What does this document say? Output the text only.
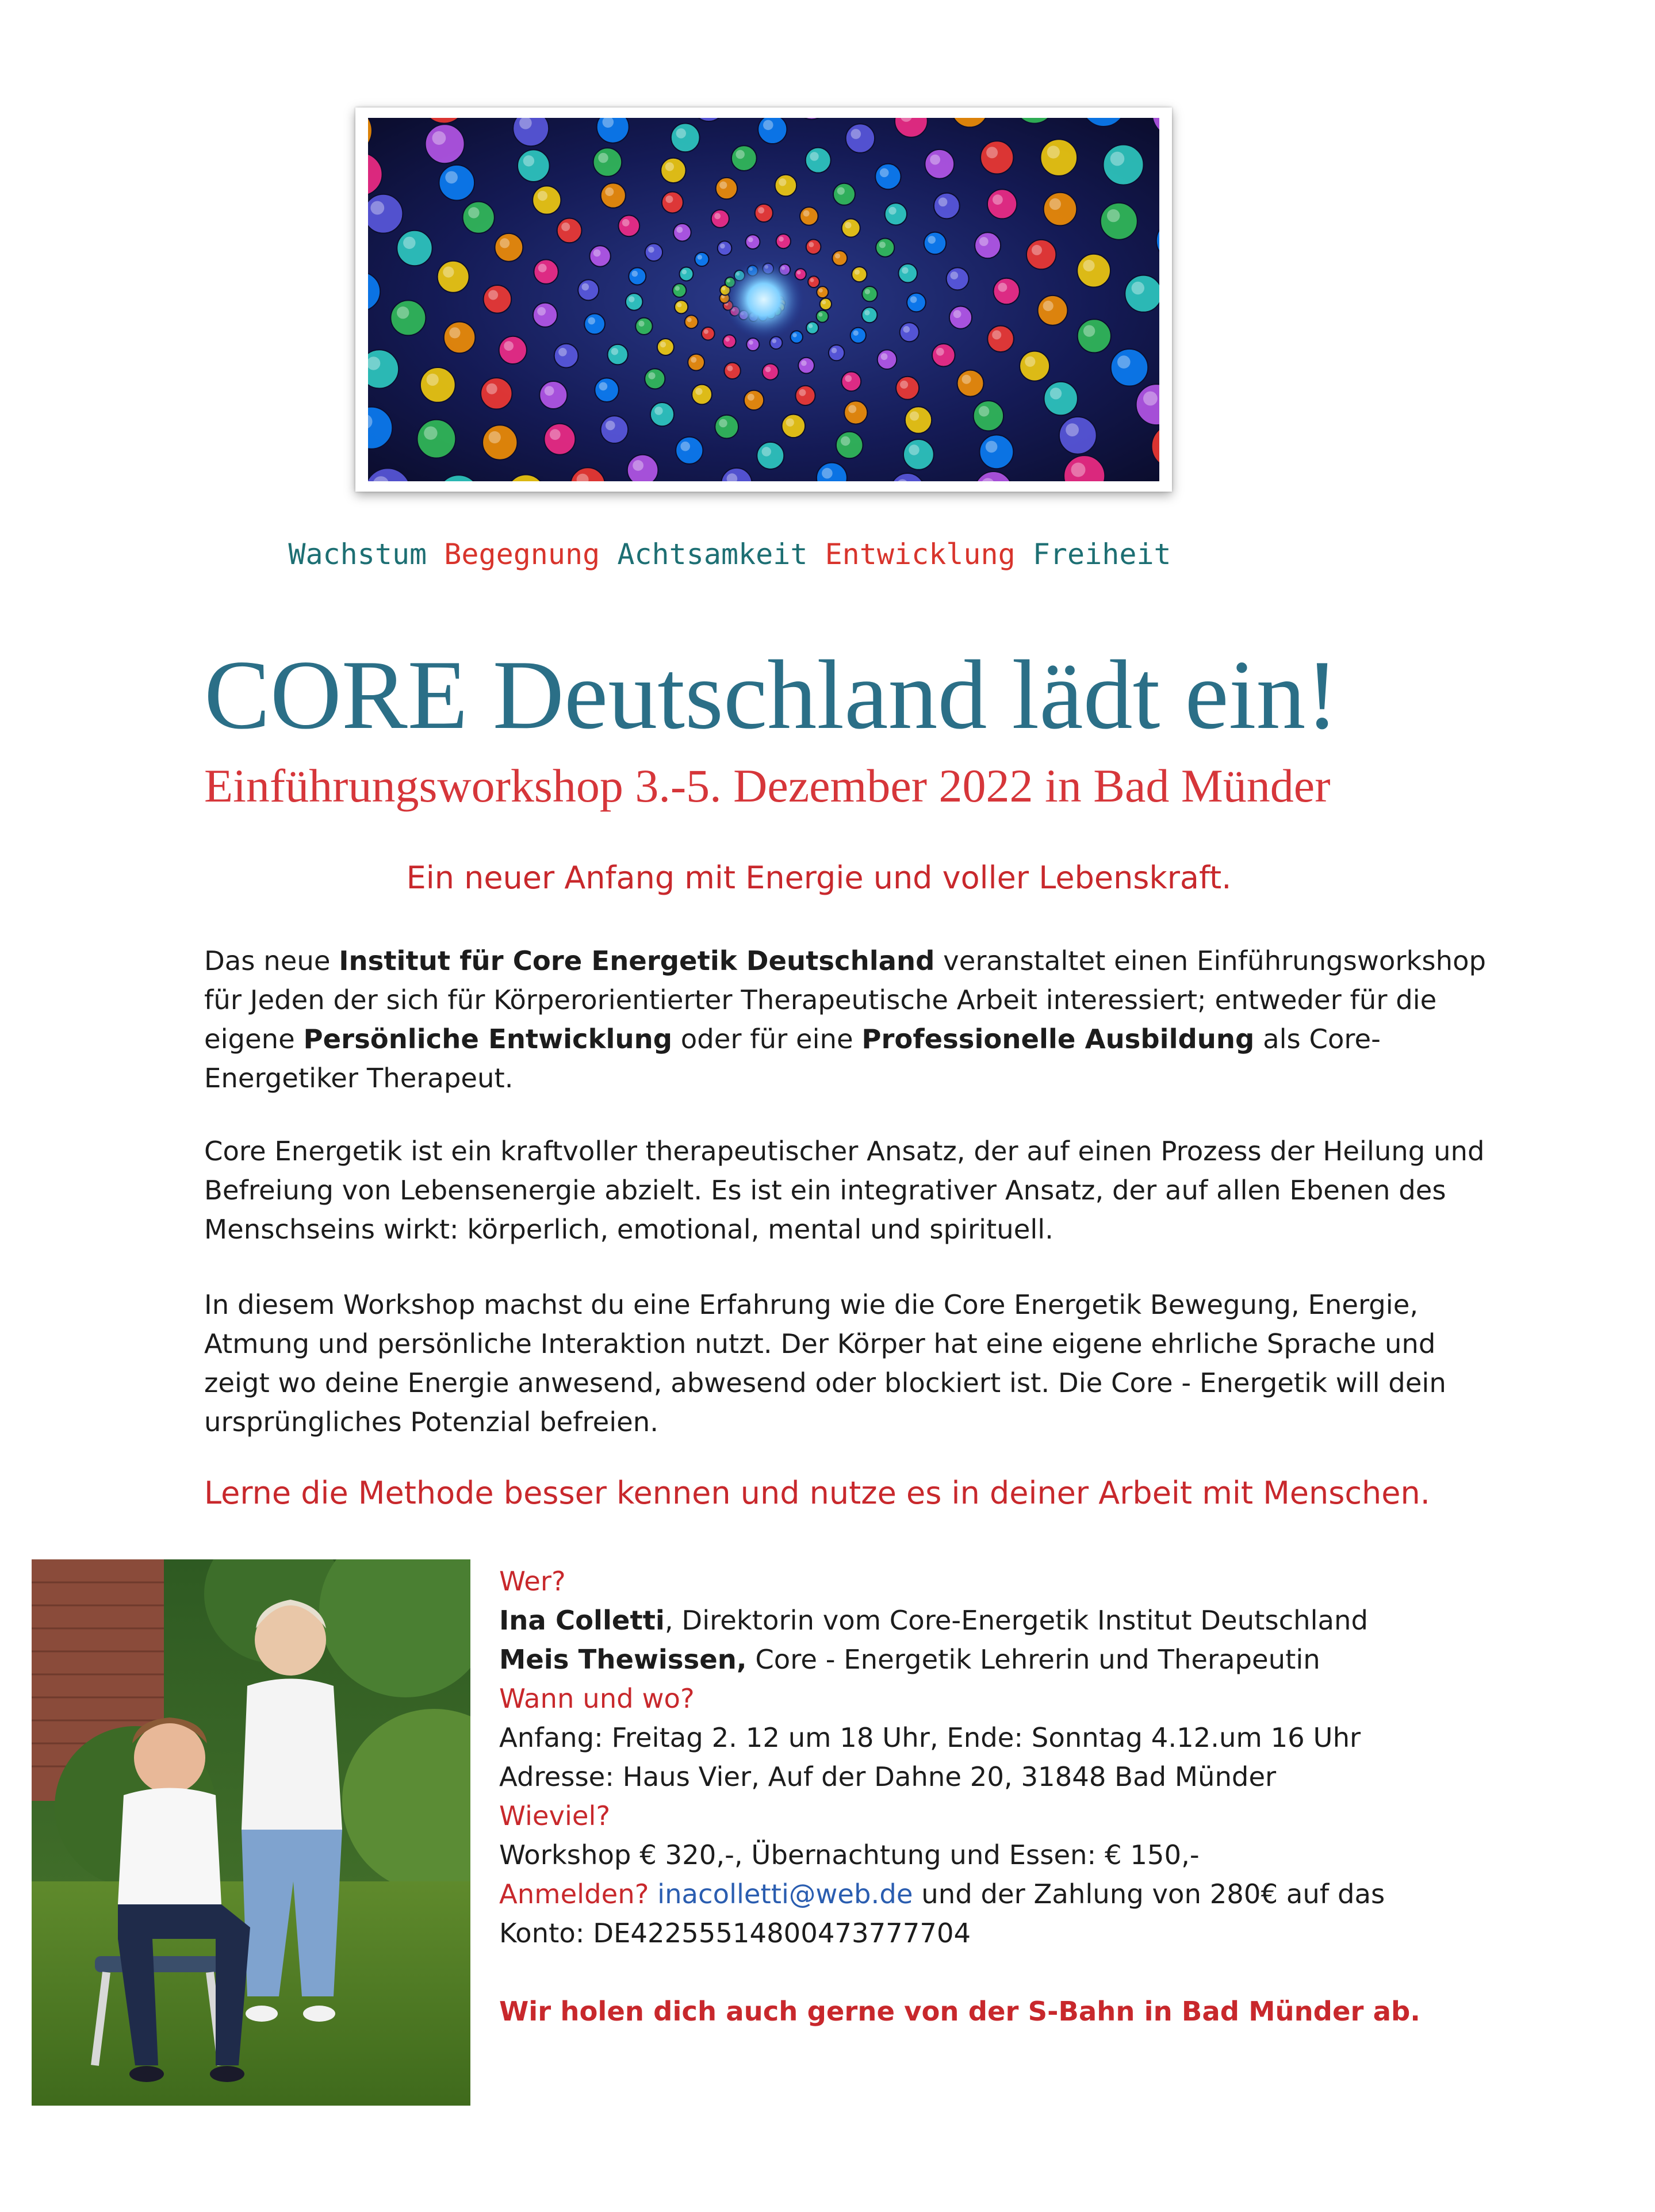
Wachstum Begegnung Achtsamkeit Entwicklung Freiheit
CORE Deutschland lädt ein!
Einführungsworkshop 3.-5. Dezember 2022 in Bad Münder
Ein neuer Anfang mit Energie und voller Lebenskraft.
Das neue Institut für Core Energetik Deutschland veranstaltet einen Einführungsworkshop für Jeden der sich für Körperorientierter Therapeutische Arbeit interessiert; entweder für die eigene Persönliche Entwicklung oder für eine Professionelle Ausbildung als Core-Energetiker Therapeut.
Core Energetik ist ein kraftvoller therapeutischer Ansatz, der auf einen Prozess der Heilung und Befreiung von Lebensenergie abzielt. Es ist ein integrativer Ansatz, der auf allen Ebenen des Menschseins wirkt: körperlich, emotional, mental und spirituell.
In diesem Workshop machst du eine Erfahrung wie die Core Energetik Bewegung, Energie, Atmung und persönliche Interaktion nutzt. Der Körper hat eine eigene ehrliche Sprache und zeigt wo deine Energie anwesend, abwesend oder blockiert ist. Die Core - Energetik will dein ursprüngliches Potenzial befreien.
Lerne die Methode besser kennen und nutze es in deiner Arbeit mit Menschen.
Wer?
Ina Colletti, Direktorin vom Core-Energetik Institut Deutschland
Meis Thewissen, Core - Energetik Lehrerin und Therapeutin
Wann und wo?
Anfang: Freitag 2. 12 um 18 Uhr, Ende: Sonntag 4.12.um 16 Uhr
Adresse: Haus Vier, Auf der Dahne 20, 31848 Bad Münder
Wieviel?
Workshop € 320,-, Übernachtung und Essen: € 150,-
Anmelden? inacolletti@web.de und der Zahlung von 280€ auf das
Konto: DE42255514800473777704
Wir holen dich auch gerne von der S-Bahn in Bad Münder ab.
